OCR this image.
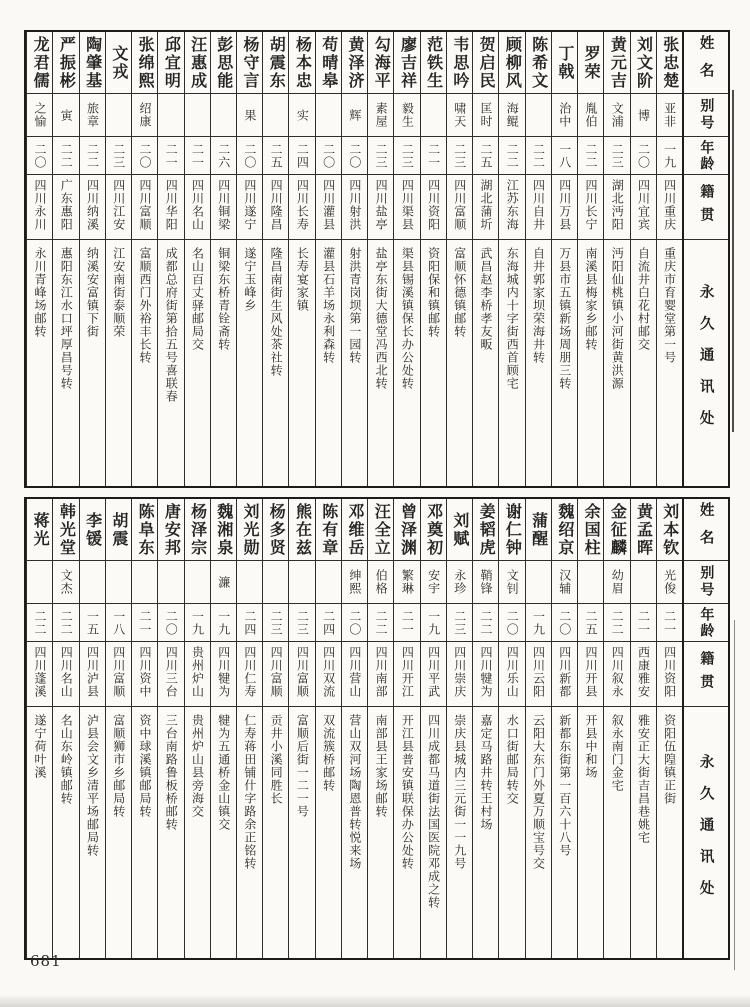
姓名
别号
年龄
籍贯
永久通讯处
张忠楚
亚非
一九
四川重庆
重庆市育婴堂第一号
刘文阶
博
二〇
四川宜宾
自流井白花村邮交
黄元吉
文浦
二三
湖北沔阳
沔阳仙桃镇小河街黄洪源
罗荣
胤伯
二二
四川长宁
南溪县梅家乡邮转
丁戟
治中
一八
四川万县
万县市五镇新场周朋三转
陈希文
二二
四川自井
自井郭家坝荣海井转
顾柳风
海鲲
二二
江苏东海
东海城内十字街西首顾宅
贺启民
匡时
二五
湖北蒲圻
武昌赵李桥孝友畈
韦思吟
啸天
二三
四川富顺
富顺怀德镇邮转
范铁生
二一
四川资阳
资阳保和镇邮转
廖吉祥
毅生
二三
四川渠县
渠县锡溪镇保长办公处转
勾海平
素屋
二三
四川盐亭
盐亭东街大德堂冯西北转
黄泽济
辉
二〇
四川射洪
射洪青岗坝第一园转
苟晴皋
二〇
四川灌县
灌县石羊场永利森转
杨本忠
实
二四
四川长寿
长寿宴家镇
胡震东
二五
四川隆昌
隆昌南街生风处茶社转
杨守言
果
二〇
四川遂宁
遂宁玉峰乡
彭思能
二六
四川铜梁
铜梁东桥青铨斋转
汪惠成
二一
四川名山
名山百丈驿邮局交
邱宜明
二一
四川华阳
成都总府街第拾五号喜联春
张绵熙
绍康
二〇
四川富顺
富顺西门外裕丰长转
文戎
二三
四川江安
江安南街泰顺荣
陶肇基
旅章
二二
四川纳溪
纳溪安富镇下街
严振彬
寅
二二
广东惠阳
惠阳东江水口坪厚昌号转
龙君儒
之愉
二〇
四川永川
永川青峰场邮转
姓名
别号
年龄
籍贯
永久通讯处
刘本钦
光俊
二一
四川资阳
资阳伍隍镇正街
黄孟晖
二一
西康雅安
雅安正大街吉昌巷姚宅
金征麟
幼眉
二二
四川叙永
叙永南门金宅
余国柱
二五
四川开县
开县中和场
魏绍京
汉辅
二〇
四川新都
新都东街第一百六十八号
蒲醒
一九
四川云阳
云阳大东门外夏万顺宝号交
谢仁钟
文钊
二〇
四川乐山
水口街邮局转交
姜韬虎
鞘锋
二二
四川犍为
嘉定马路井转王村场
刘赋
永珍
二三
四川崇庆
崇庆县城内三元街一一九号
邓奠初
安宇
一九
四川平武
四川成都马道街法国医院邓成之转
曾泽渊
繁琳
二一
四川开江
开江县普安镇联保办公处转
汪全立
伯格
二二
四川南部
南部县王家场邮转
邓维岳
绅熙
二〇
四川营山
营山双河场陶恩普转悦来场
陈有章
二四
四川双流
双流簇桥邮转
熊在兹
二三
四川富顺
富顺后街一二一号
杨多贤
二三
四川富顺
贡井小溪同胜长
刘光勋
二四
四川仁寿
仁寿蒋田铺什字路余正铭转
魏湘泉
濂
一九
四川犍为
犍为五通桥金山镇交
杨泽宗
一九
贵州炉山
贵州炉山县旁海交
唐安邦
二〇
四川三台
三台南路鲁板桥邮转
陈阜东
二一
四川资中
资中球溪镇邮局转
胡震
一八
四川富顺
富顺狮市乡邮局转
李锾
一五
四川泸县
泸县会文乡清平场邮局转
韩光堂
文杰
二二
四川名山
名山东岭镇邮转
蒋光
二二
四川蓬溪
遂宁荷叶溪
681
